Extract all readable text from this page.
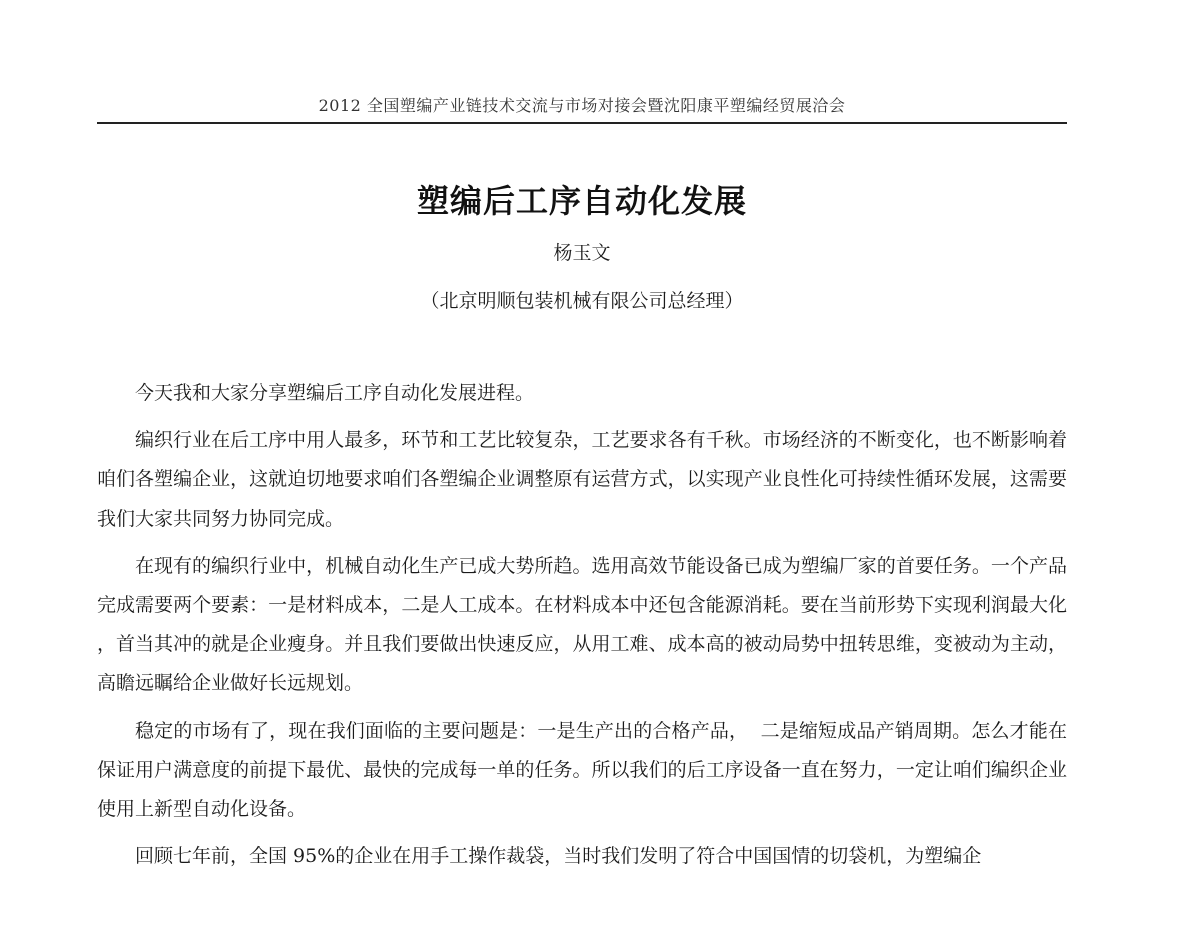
2012 全国塑编产业链技术交流与市场对接会暨沈阳康平塑编经贸展洽会
塑编后工序自动化发展
杨玉文
（北京明顺包装机械有限公司总经理）

今天我和大家分享塑编后工序自动化发展进程。

编织行业在后工序中用人最多，环节和工艺比较复杂，工艺要求各有千秋。市场经济的不断变化，也不断影响着咱们各塑编企业，这就迫切地要求咱们各塑编企业调整原有运营方式，以实现产业良性化可持续性循环发展，这需要我们大家共同努力协同完成。

在现有的编织行业中，机械自动化生产已成大势所趋。选用高效节能设备已成为塑编厂家的首要任务。一个产品完成需要两个要素：一是材料成本，二是人工成本。在材料成本中还包含能源消耗。要在当前形势下实现利润最大化，首当其冲的就是企业瘦身。并且我们要做出快速反应，从用工难、成本高的被动局势中扭转思维，变被动为主动，高瞻远瞩给企业做好长远规划。

稳定的市场有了，现在我们面临的主要问题是：一是生产出的合格产品，  二是缩短成品产销周期。怎么才能在保证用户满意度的前提下最优、最快的完成每一单的任务。所以我们的后工序设备一直在努力，一定让咱们编织企业使用上新型自动化设备。

回顾七年前，全国 95%的企业在用手工操作裁袋，当时我们发明了符合中国国情的切袋机，为塑编企
